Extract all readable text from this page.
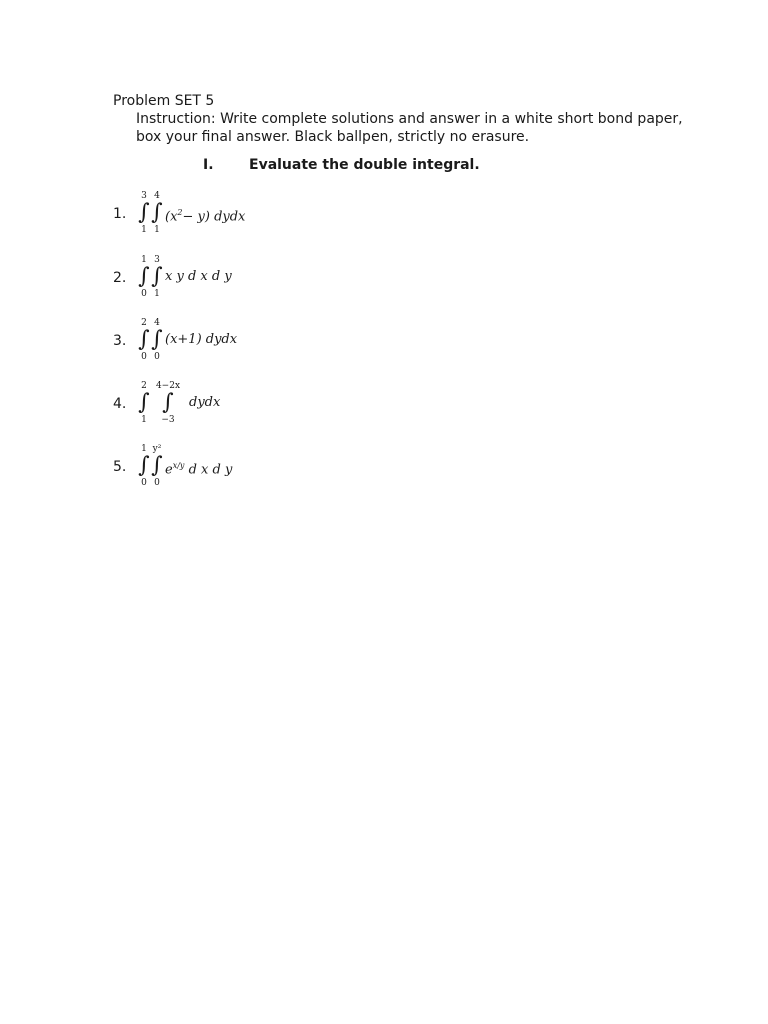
Problem SET 5
Instruction: Write complete solutions and answer in a white short bond paper, box your final answer. Black ballpen, strictly no erasure.
I.	Evaluate the double integral.
1.
3
∫
1
4
∫
1
$(x^2- y)$ dydx
2.
1
∫
0
3
∫
1
x y d x d y
3.
2
∫
0
4
∫
0
(x+1) dydx
4.
2
∫
1
4−2x
∫
−3
dydx
5.
1
∫
0
y²
∫
0
$e^{x/y}$ d x d y
